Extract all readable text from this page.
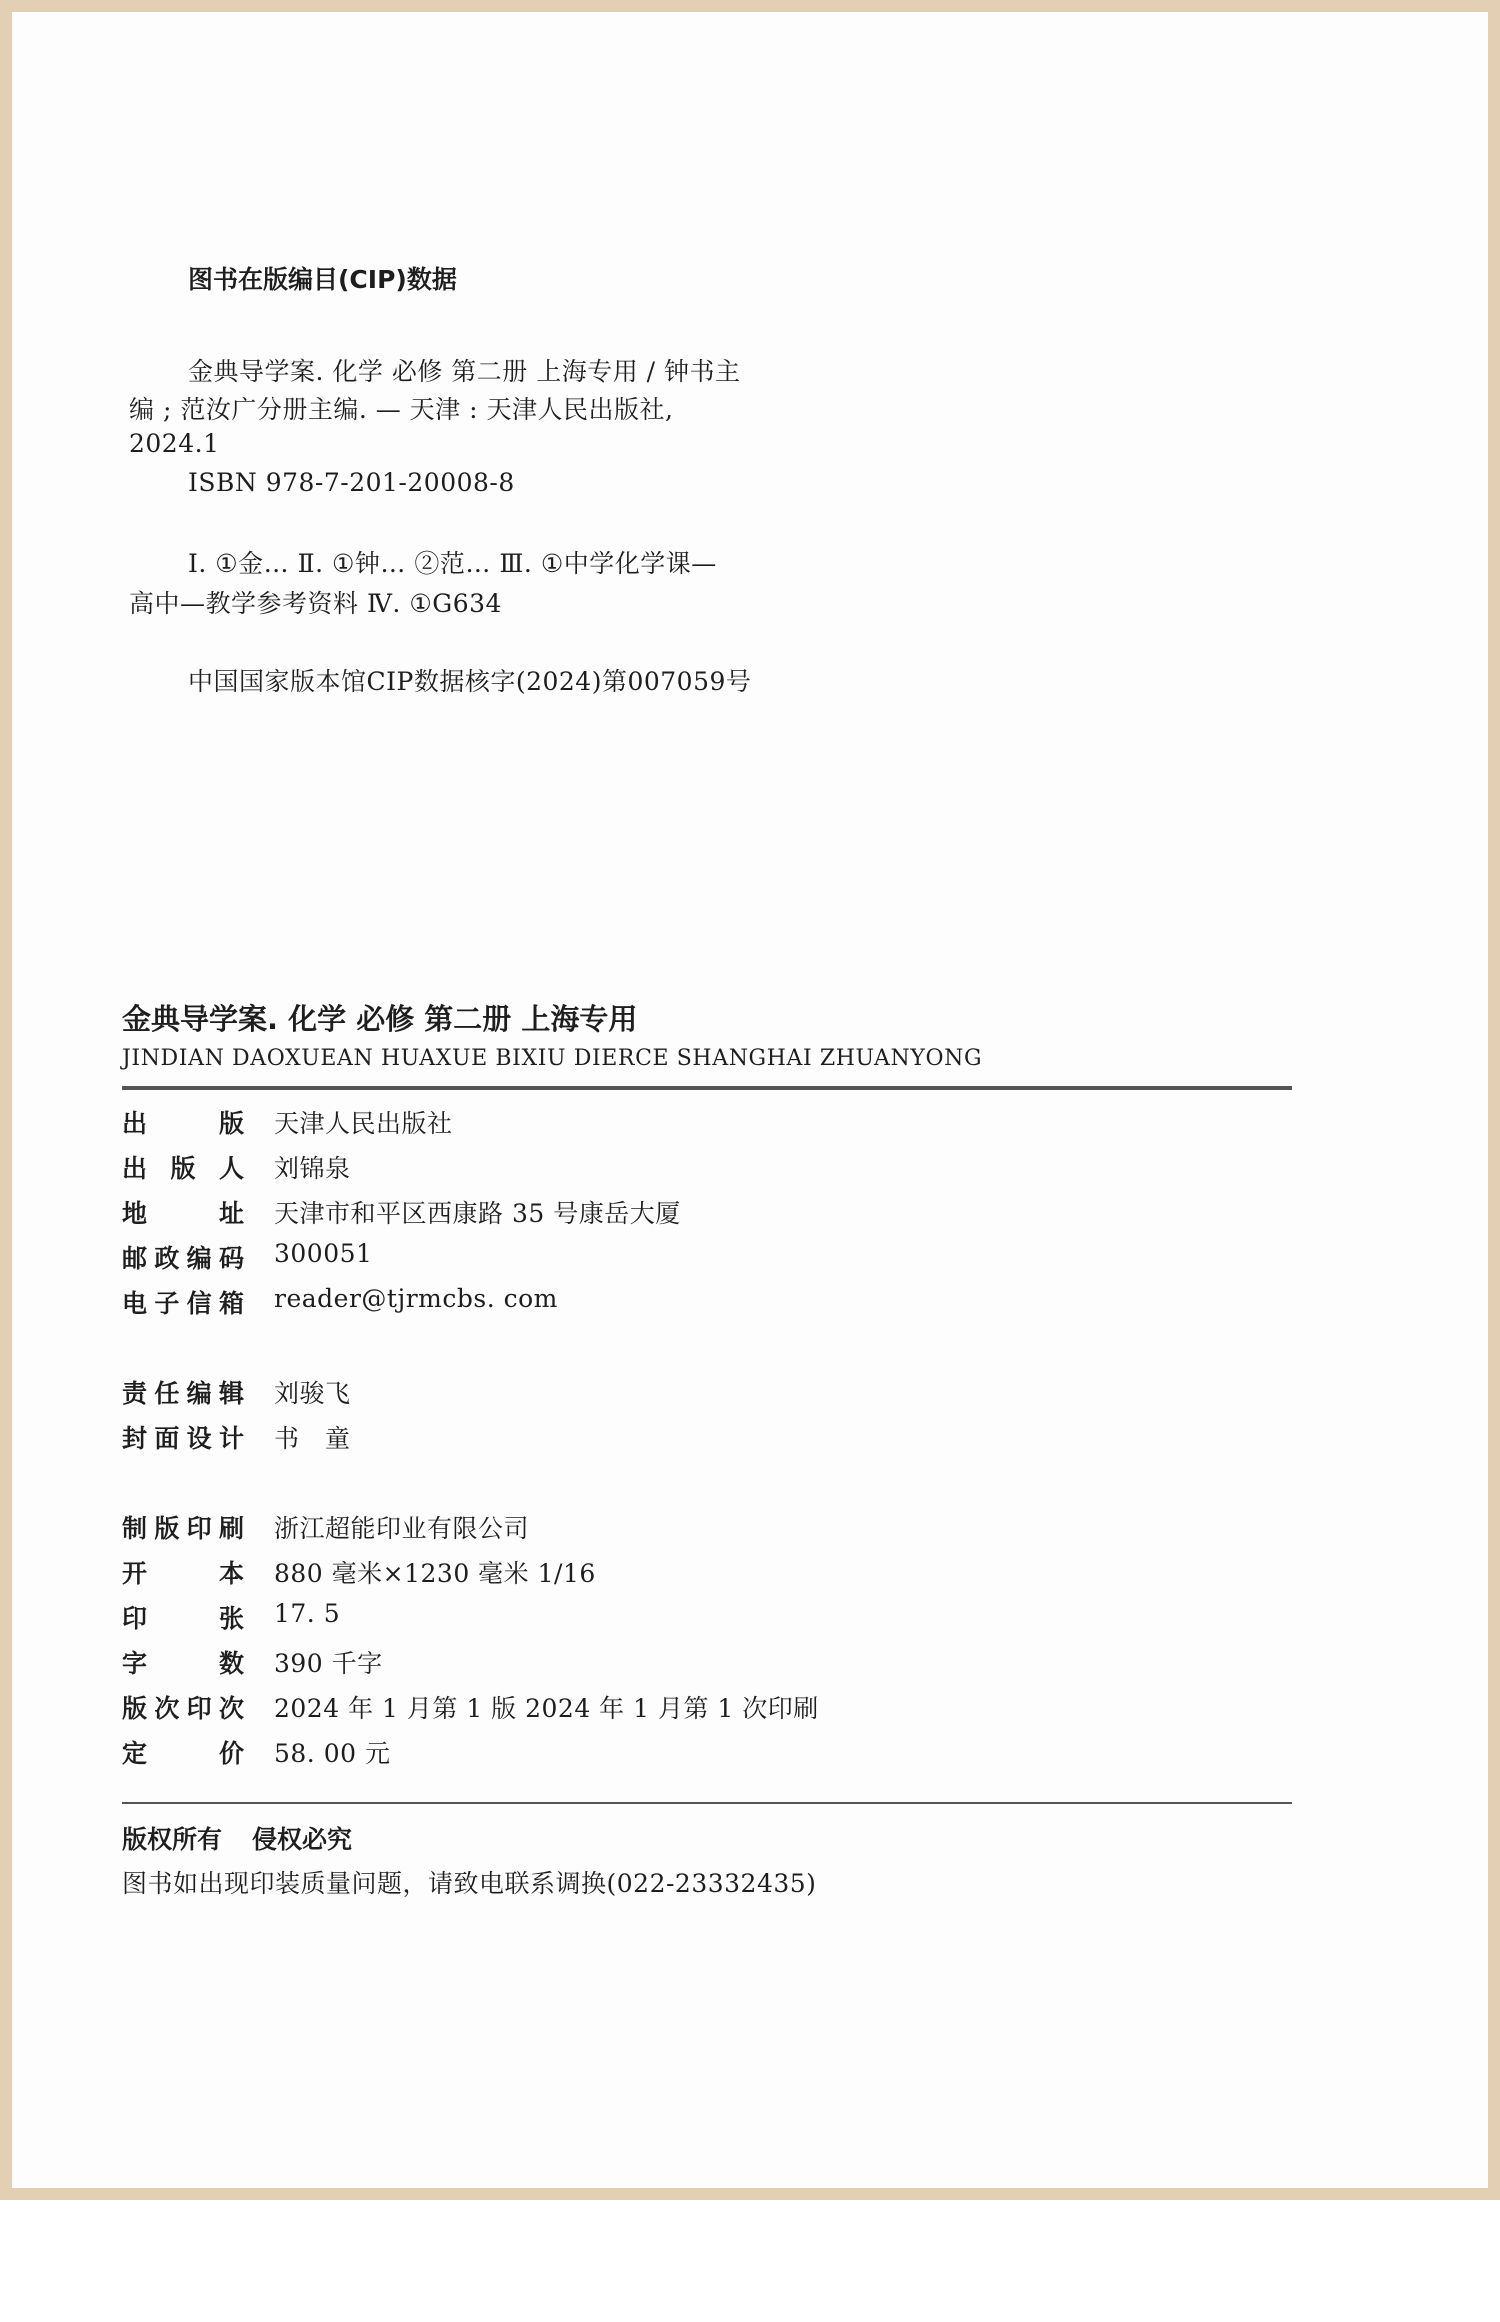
图书在版编目(CIP)数据
金典导学案. 化学 必修 第二册 上海专用 / 钟书主
编 ; 范汝广分册主编. — 天津 : 天津人民出版社,
2024.1
ISBN 978-7-201-20008-8
Ⅰ. ①金… Ⅱ. ①钟… ②范… Ⅲ. ①中学化学课—
高中—教学参考资料 Ⅳ. ①G634
中国国家版本馆CIP数据核字(2024)第007059号
金典导学案. 化学 必修 第二册 上海专用
JINDIAN DAOXUEAN HUAXUE BIXIU DIERCE SHANGHAI ZHUANYONG
出版 天津人民出版社
出版人 刘锦泉
地址 天津市和平区西康路 35 号康岳大厦
邮政编码 300051
电子信箱 reader@tjrmcbs. com
责任编辑 刘骏飞
封面设计 书　童
制版印刷 浙江超能印业有限公司
开本 880 毫米×1230 毫米 1/16
印张 17. 5
字数 390 千字
版次印次 2024 年 1 月第 1 版 2024 年 1 月第 1 次印刷
定价 58. 00 元
版权所有 侵权必究
图书如出现印装质量问题，请致电联系调换(022-23332435)
